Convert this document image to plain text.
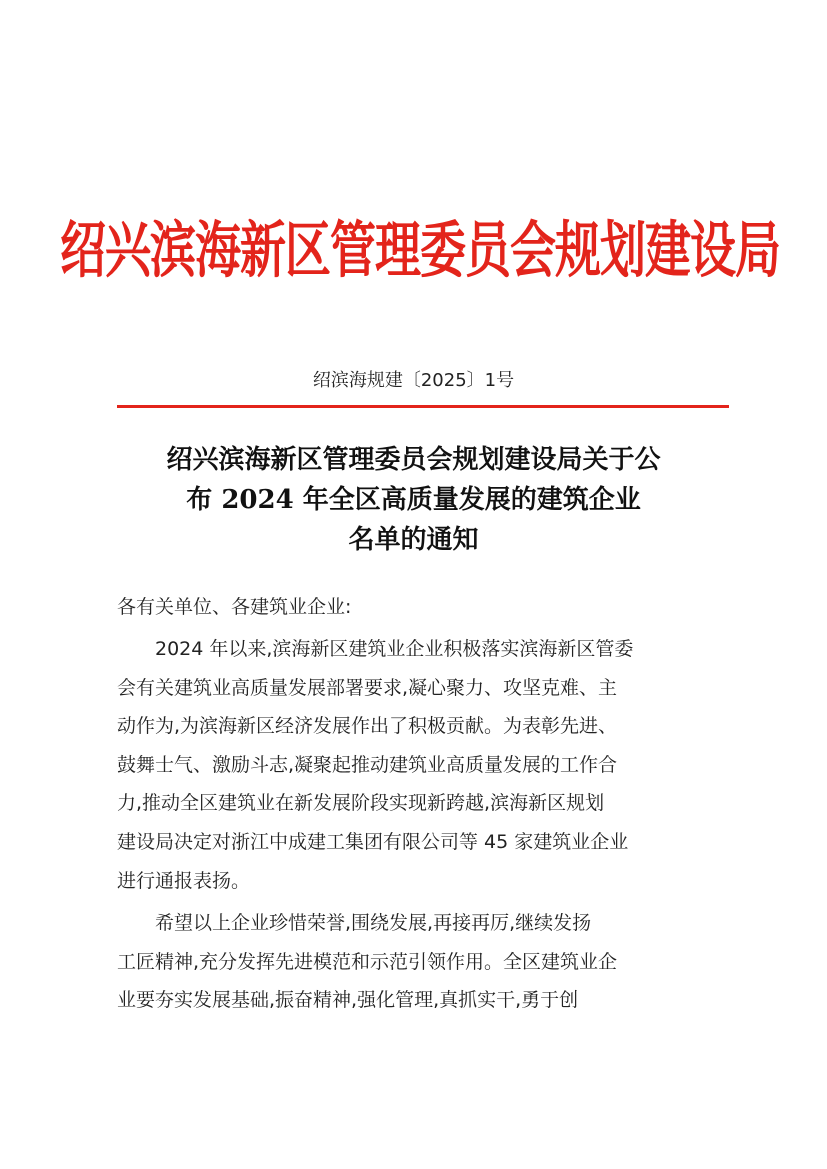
绍兴滨海新区管理委员会规划建设局
绍滨海规建〔2025〕1号
绍兴滨海新区管理委员会规划建设局关于公
布 2024 年全区高质量发展的建筑企业
名单的通知
各有关单位、各建筑业企业:
2024 年以来,滨海新区建筑业企业积极落实滨海新区管委
会有关建筑业高质量发展部署要求,凝心聚力、攻坚克难、主
动作为,为滨海新区经济发展作出了积极贡献。为表彰先进、
鼓舞士气、激励斗志,凝聚起推动建筑业高质量发展的工作合
力,推动全区建筑业在新发展阶段实现新跨越,滨海新区规划
建设局决定对浙江中成建工集团有限公司等 45 家建筑业企业
进行通报表扬。
希望以上企业珍惜荣誉,围绕发展,再接再厉,继续发扬
工匠精神,充分发挥先进模范和示范引领作用。全区建筑业企
业要夯实发展基础,振奋精神,强化管理,真抓实干,勇于创
